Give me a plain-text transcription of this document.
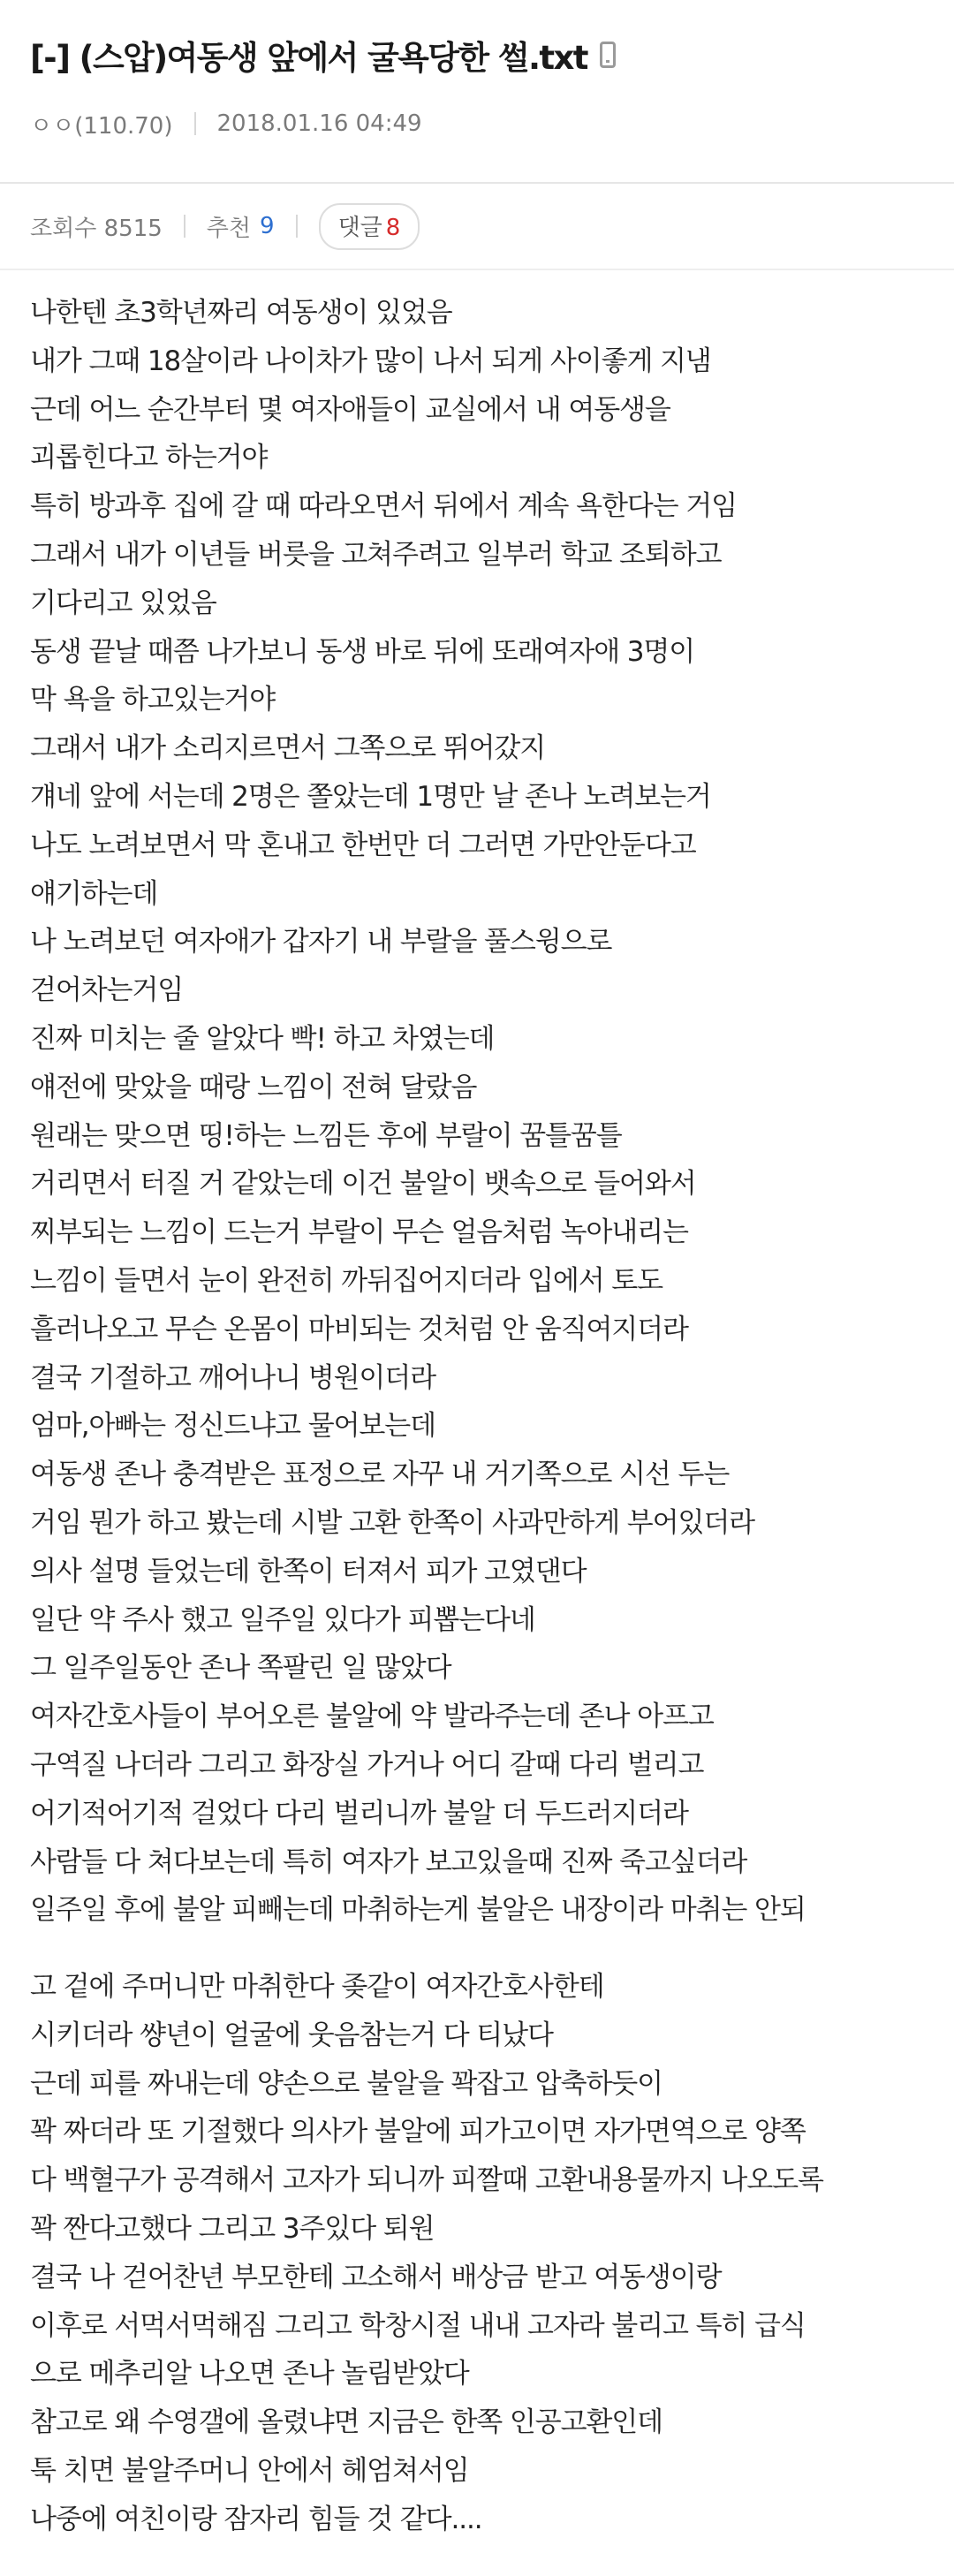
[-] (스압)여동생 앞에서 굴욕당한 썰.txt
ㅇㅇ(110.70) 2018.01.16 04:49
조회수 8515 추천 9	댓글 8
나한텐 초3학년짜리 여동생이 있었음
내가 그때 18살이라 나이차가 많이 나서 되게 사이좋게 지냄
근데 어느 순간부터 몇 여자애들이 교실에서 내 여동생을
괴롭힌다고 하는거야
특히 방과후 집에 갈 때 따라오면서 뒤에서 계속 욕한다는 거임
그래서 내가 이년들 버릇을 고쳐주려고 일부러 학교 조퇴하고
기다리고 있었음
동생 끝날 때쯤 나가보니 동생 바로 뒤에 또래여자애 3명이
막 욕을 하고있는거야
그래서 내가 소리지르면서 그쪽으로 뛰어갔지
걔네 앞에 서는데 2명은 쫄았는데 1명만 날 존나 노려보는거
나도 노려보면서 막 혼내고 한번만 더 그러면 가만안둔다고
얘기하는데
나 노려보던 여자애가 갑자기 내 부랄을 풀스윙으로
걷어차는거임
진짜 미치는 줄 알았다 빡! 하고 차였는데
얘전에 맞았을 때랑 느낌이 전혀 달랐음
원래는 맞으면 띵!하는 느낌든 후에 부랄이 꿈틀꿈틀
거리면서 터질 거 같았는데 이건 불알이 뱃속으로 들어와서
찌부되는 느낌이 드는거 부랄이 무슨 얼음처럼 녹아내리는
느낌이 들면서 눈이 완전히 까뒤집어지더라 입에서 토도
흘러나오고 무슨 온몸이 마비되는 것처럼 안 움직여지더라
결국 기절하고 깨어나니 병원이더라
엄마,아빠는 정신드냐고 물어보는데
여동생 존나 충격받은 표정으로 자꾸 내 거기쪽으로 시선 두는
거임 뭔가 하고 봤는데 시발 고환 한쪽이 사과만하게 부어있더라
의사 설명 들었는데 한쪽이 터져서 피가 고였댄다
일단 약 주사 했고 일주일 있다가 피뽑는다네
그 일주일동안 존나 쪽팔린 일 많았다
여자간호사들이 부어오른 불알에 약 발라주는데 존나 아프고
구역질 나더라 그리고 화장실 가거나 어디 갈때 다리 벌리고
어기적어기적 걸었다 다리 벌리니까 불알 더 두드러지더라
사람들 다 쳐다보는데 특히 여자가 보고있을때 진짜 죽고싶더라
일주일 후에 불알 피빼는데 마취하는게 불알은 내장이라 마취는 안되
고 겉에 주머니만 마취한다 좆같이 여자간호사한테
시키더라 썅년이 얼굴에 웃음참는거 다 티났다
근데 피를 짜내는데 양손으로 불알을 꽉잡고 압축하듯이
꽉 짜더라 또 기절했다 의사가 불알에 피가고이면 자가면역으로 양쪽
다 백혈구가 공격해서 고자가 되니까 피짤때 고환내용물까지 나오도록
꽉 짠다고했다 그리고 3주있다 퇴원
결국 나 걷어찬년 부모한테 고소해서 배상금 받고 여동생이랑
이후로 서먹서먹해짐 그리고 학창시절 내내 고자라 불리고 특히 급식
으로 메추리알 나오면 존나 놀림받았다
참고로 왜 수영갤에 올렸냐면 지금은 한쪽 인공고환인데
툭 치면 불알주머니 안에서 헤엄쳐서임
나중에 여친이랑 잠자리 힘들 것 같다....
